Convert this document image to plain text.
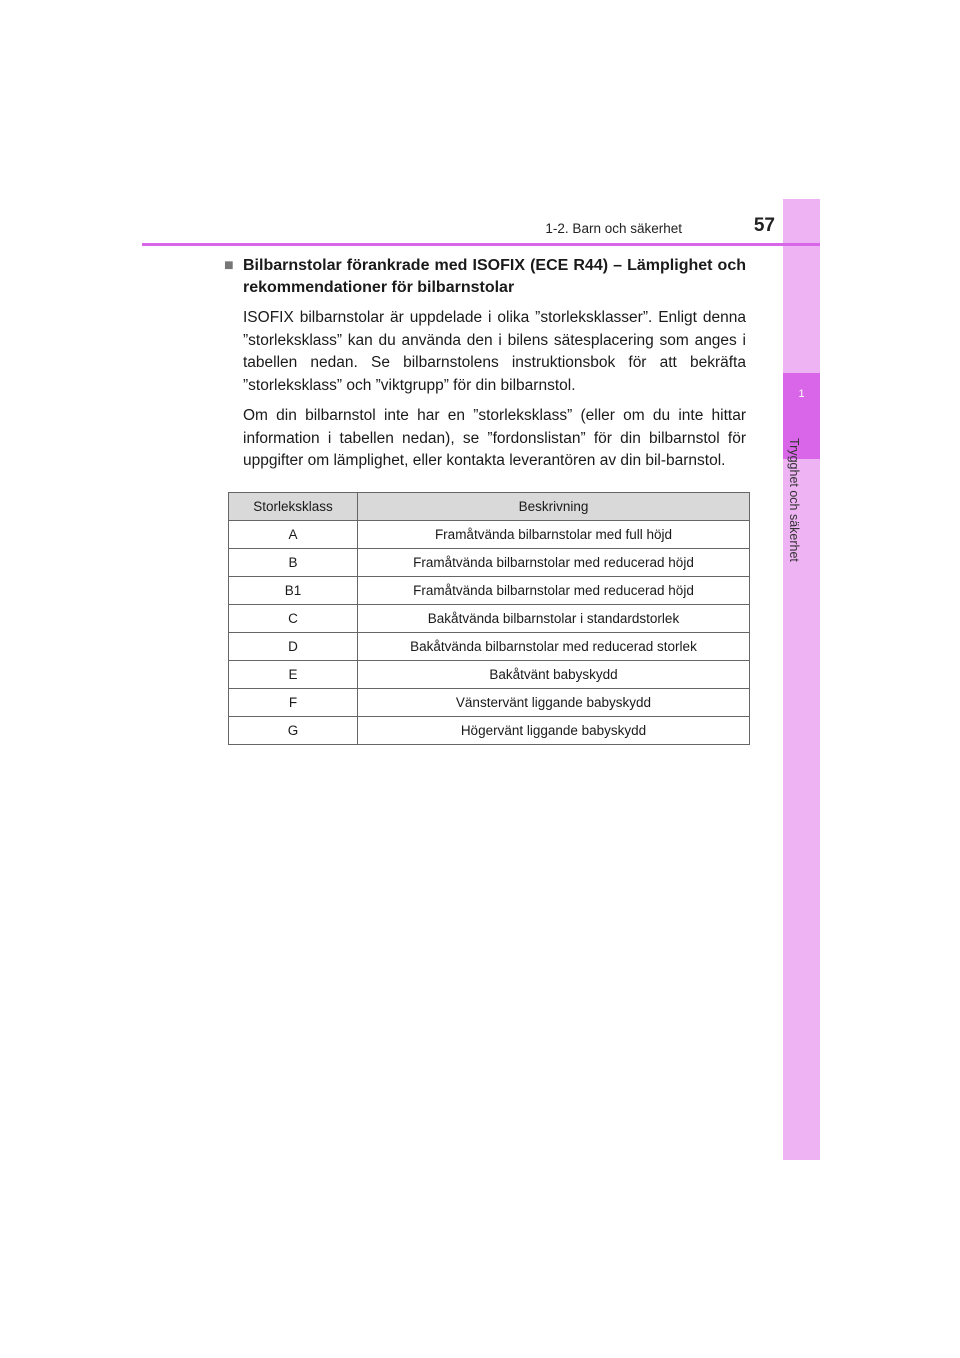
1
Trygghet och säkerhet
1-2. Barn och säkerhet	57
■ Bilbarnstolar förankrade med ISOFIX (ECE R44) – Lämplighet och rekommendationer för bilbarnstolar

ISOFIX bilbarnstolar är uppdelade i olika ”storleksklasser”. Enligt denna ”storleksklass” kan du använda den i bilens sätesplacering som anges i tabellen nedan. Se bilbarnstolens instruktionsbok för att bekräfta ”storleksklass” och ”viktgrupp” för din bilbarnstol.

Om din bilbarnstol inte har en ”storleksklass” (eller om du inte hittar information i tabellen nedan), se ”fordonslistan” för din bilbarnstol för uppgifter om lämplighet, eller kontakta leverantören av din bil-barnstol.

Storleksklass	Beskrivning
A	Framåtvända bilbarnstolar med full höjd
B	Framåtvända bilbarnstolar med reducerad höjd
B1	Framåtvända bilbarnstolar med reducerad höjd
C	Bakåtvända bilbarnstolar i standardstorlek
D	Bakåtvända bilbarnstolar med reducerad storlek
E	Bakåtvänt babyskydd
F	Vänstervänt liggande babyskydd
G	Högervänt liggande babyskydd
